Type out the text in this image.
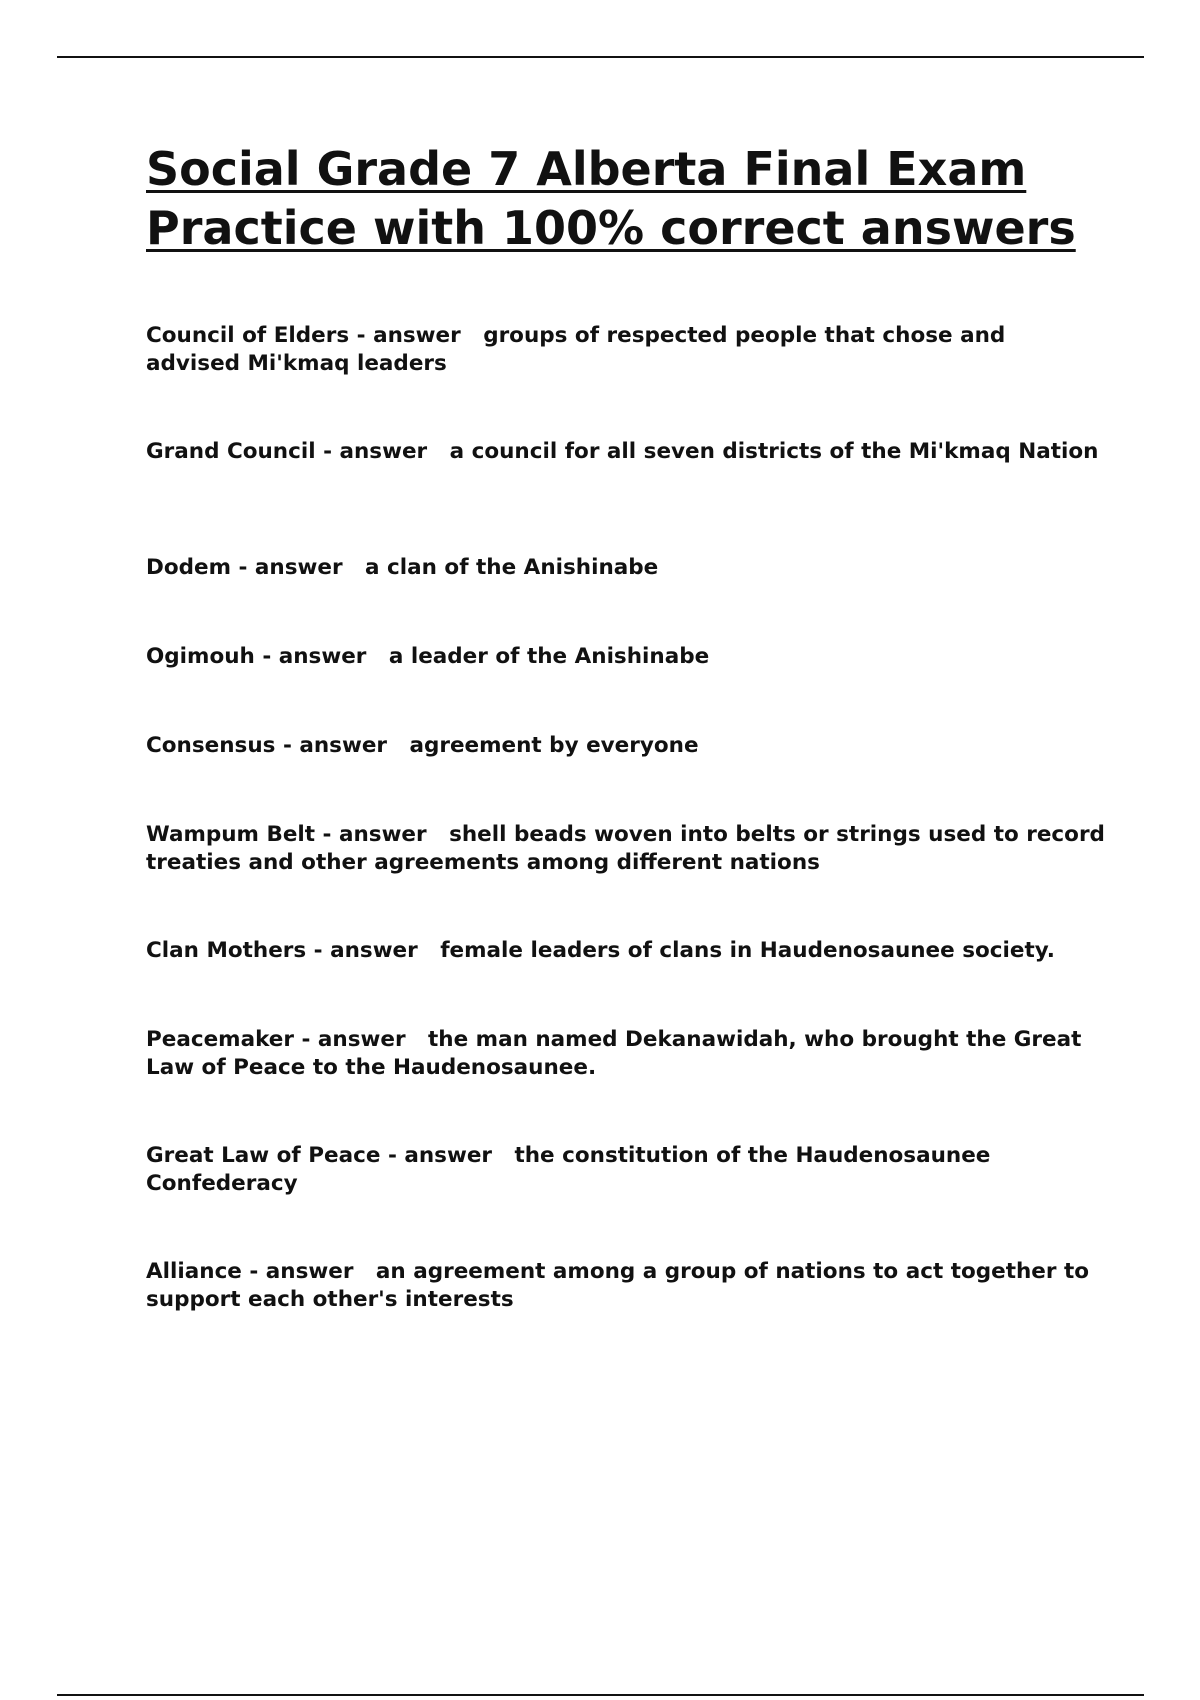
Social Grade 7 Alberta Final Exam Practice with 100% correct answers
Council of Elders - answer   groups of respected people that chose and advised Mi'kmaq leaders
Grand Council - answer   a council for all seven districts of the Mi'kmaq Nation
Dodem - answer   a clan of the Anishinabe
Ogimouh - answer   a leader of the Anishinabe
Consensus - answer   agreement by everyone
Wampum Belt - answer   shell beads woven into belts or strings used to record treaties and other agreements among different nations
Clan Mothers - answer   female leaders of clans in Haudenosaunee society.
Peacemaker - answer   the man named Dekanawidah, who brought the Great Law of Peace to the Haudenosaunee.
Great Law of Peace - answer   the constitution of the Haudenosaunee Confederacy
Alliance - answer   an agreement among a group of nations to act together to support each other's interests
